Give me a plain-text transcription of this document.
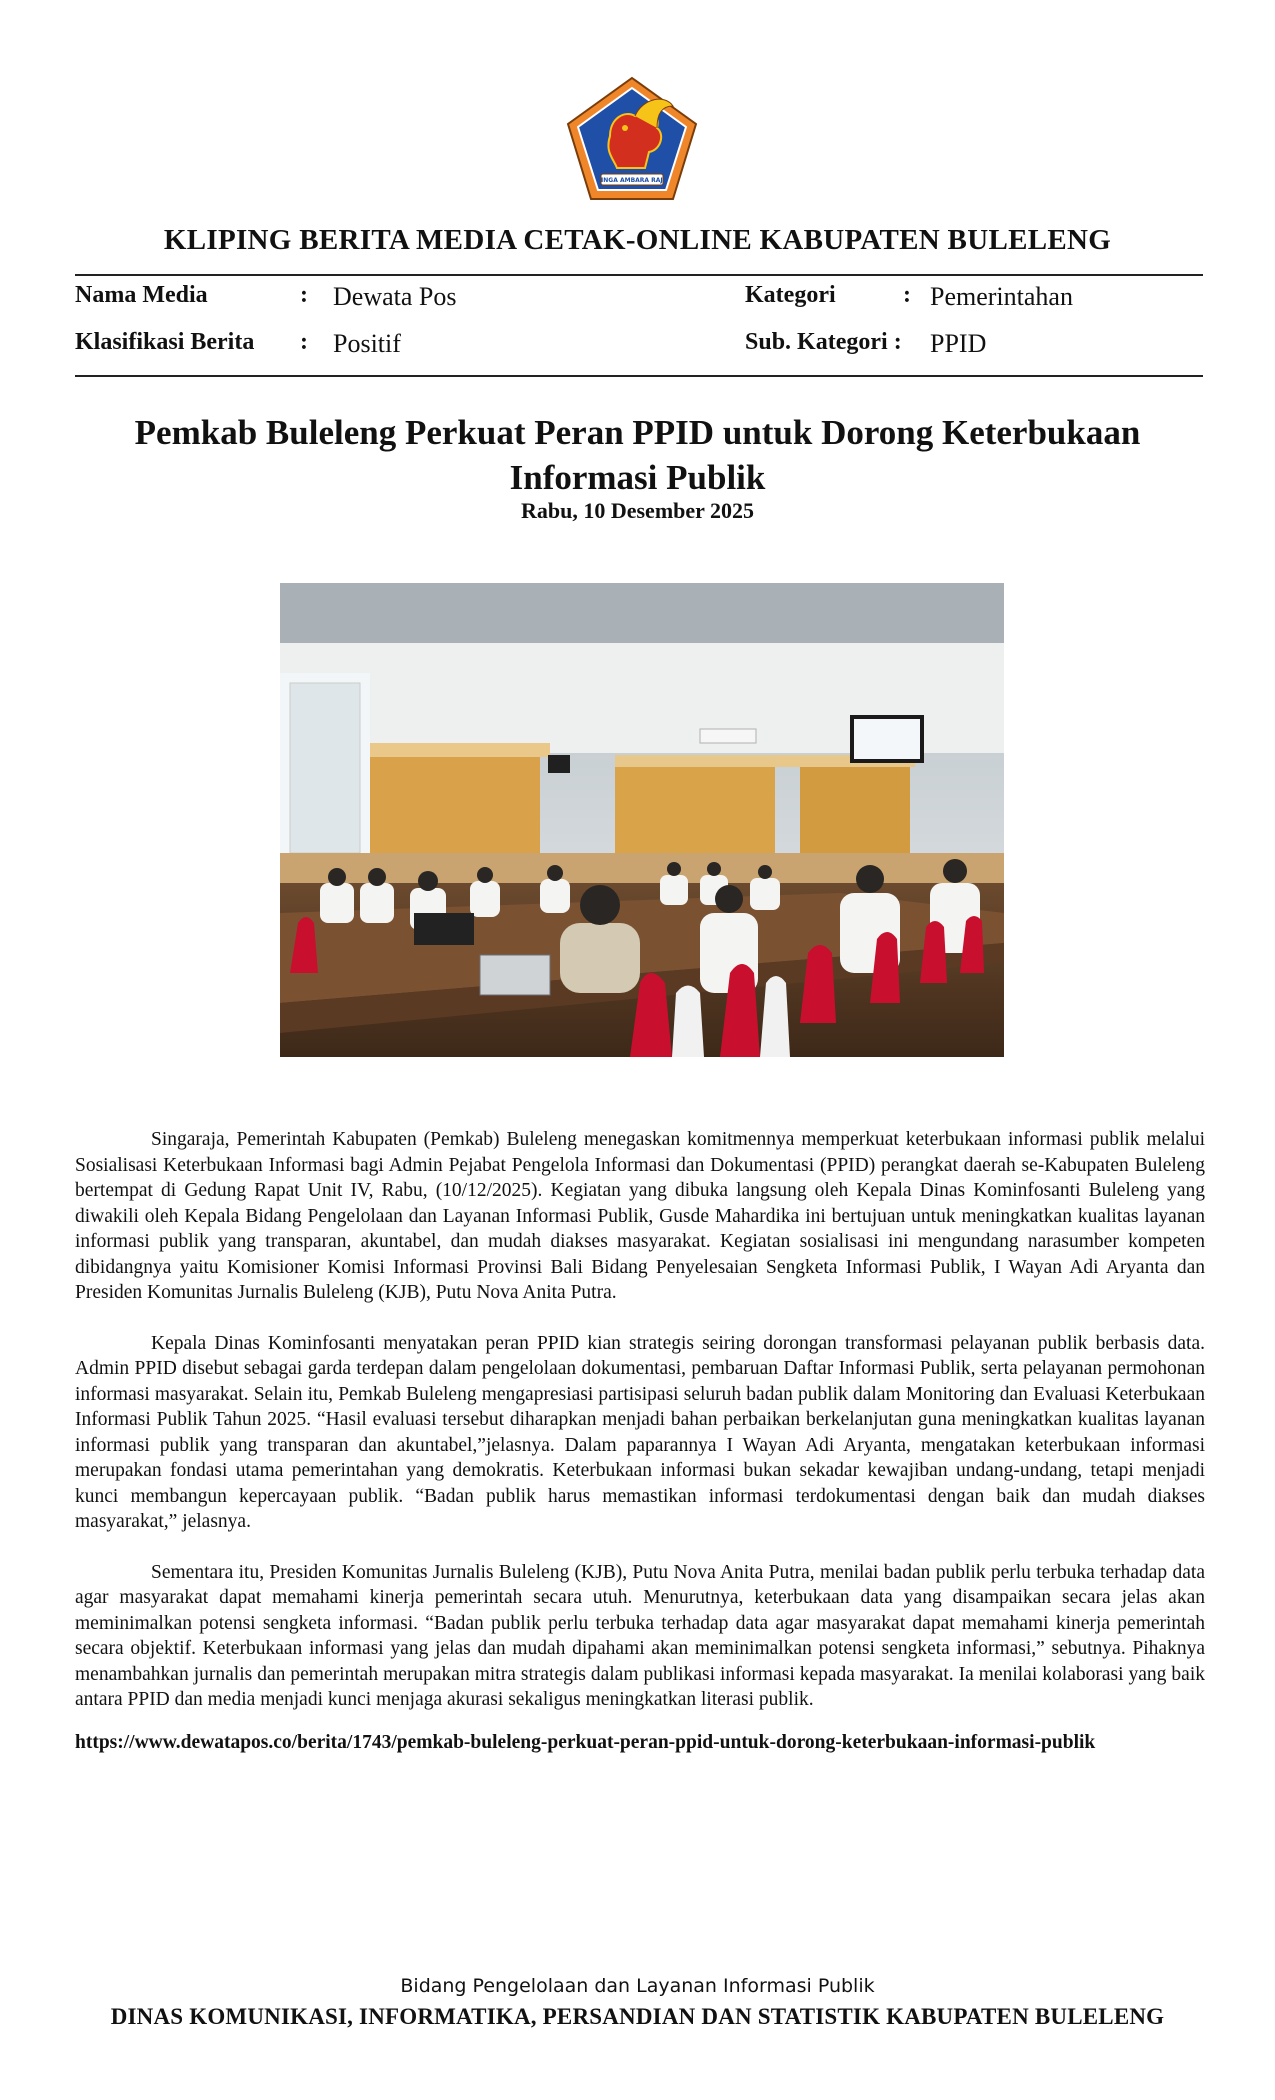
SINGA AMBARA RAJA
KLIPING BERITA MEDIA CETAK-ONLINE KABUPATEN BULELENG
Nama Media	: Dewata Pos	Kategori	: Pemerintahan
Klasifikasi Berita : Positif	Sub. Kategori : PPID
Pemkab Buleleng Perkuat Peran PPID untuk Dorong Keterbukaan
Informasi Publik
Rabu, 10 Desember 2025

Singaraja, Pemerintah Kabupaten (Pemkab) Buleleng menegaskan komitmennya memperkuat keterbukaan informasi publik melalui Sosialisasi Keterbukaan Informasi bagi Admin Pejabat Pengelola Informasi dan Dokumentasi (PPID) perangkat daerah se-Kabupaten Buleleng bertempat di Gedung Rapat Unit IV, Rabu, (10/12/2025). Kegiatan yang dibuka langsung oleh Kepala Dinas Kominfosanti Buleleng yang diwakili oleh Kepala Bidang Pengelolaan dan Layanan Informasi Publik, Gusde Mahardika ini bertujuan untuk meningkatkan kualitas layanan informasi publik yang transparan, akuntabel, dan mudah diakses masyarakat. Kegiatan sosialisasi ini mengundang narasumber kompeten dibidangnya yaitu Komisioner Komisi Informasi Provinsi Bali Bidang Penyelesaian Sengketa Informasi Publik, I Wayan Adi Aryanta dan Presiden Komunitas Jurnalis Buleleng (KJB), Putu Nova Anita Putra.

Kepala Dinas Kominfosanti menyatakan peran PPID kian strategis seiring dorongan transformasi pelayanan publik berbasis data. Admin PPID disebut sebagai garda terdepan dalam pengelolaan dokumentasi, pembaruan Daftar Informasi Publik, serta pelayanan permohonan informasi masyarakat. Selain itu, Pemkab Buleleng mengapresiasi partisipasi seluruh badan publik dalam Monitoring dan Evaluasi Keterbukaan Informasi Publik Tahun 2025. “Hasil evaluasi tersebut diharapkan menjadi bahan perbaikan berkelanjutan guna meningkatkan kualitas layanan informasi publik yang transparan dan akuntabel,”jelasnya. Dalam paparannya I Wayan Adi Aryanta, mengatakan keterbukaan informasi merupakan fondasi utama pemerintahan yang demokratis. Keterbukaan informasi bukan sekadar kewajiban undang-undang, tetapi menjadi kunci membangun kepercayaan publik. “Badan publik harus memastikan informasi terdokumentasi dengan baik dan mudah diakses masyarakat,” jelasnya.

Sementara itu, Presiden Komunitas Jurnalis Buleleng (KJB), Putu Nova Anita Putra, menilai badan publik perlu terbuka terhadap data agar masyarakat dapat memahami kinerja pemerintah secara utuh. Menurutnya, keterbukaan data yang disampaikan secara jelas akan meminimalkan potensi sengketa informasi. “Badan publik perlu terbuka terhadap data agar masyarakat dapat memahami kinerja pemerintah secara objektif. Keterbukaan informasi yang jelas dan mudah dipahami akan meminimalkan potensi sengketa informasi,” sebutnya. Pihaknya menambahkan jurnalis dan pemerintah merupakan mitra strategis dalam publikasi informasi kepada masyarakat. Ia menilai kolaborasi yang baik antara PPID dan media menjadi kunci menjaga akurasi sekaligus meningkatkan literasi publik.

https://www.dewatapos.co/berita/1743/pemkab-buleleng-perkuat-peran-ppid-untuk-dorong-keterbukaan-informasi-publik
Bidang Pengelolaan dan Layanan Informasi Publik
DINAS KOMUNIKASI, INFORMATIKA, PERSANDIAN DAN STATISTIK KABUPATEN BULELENG
